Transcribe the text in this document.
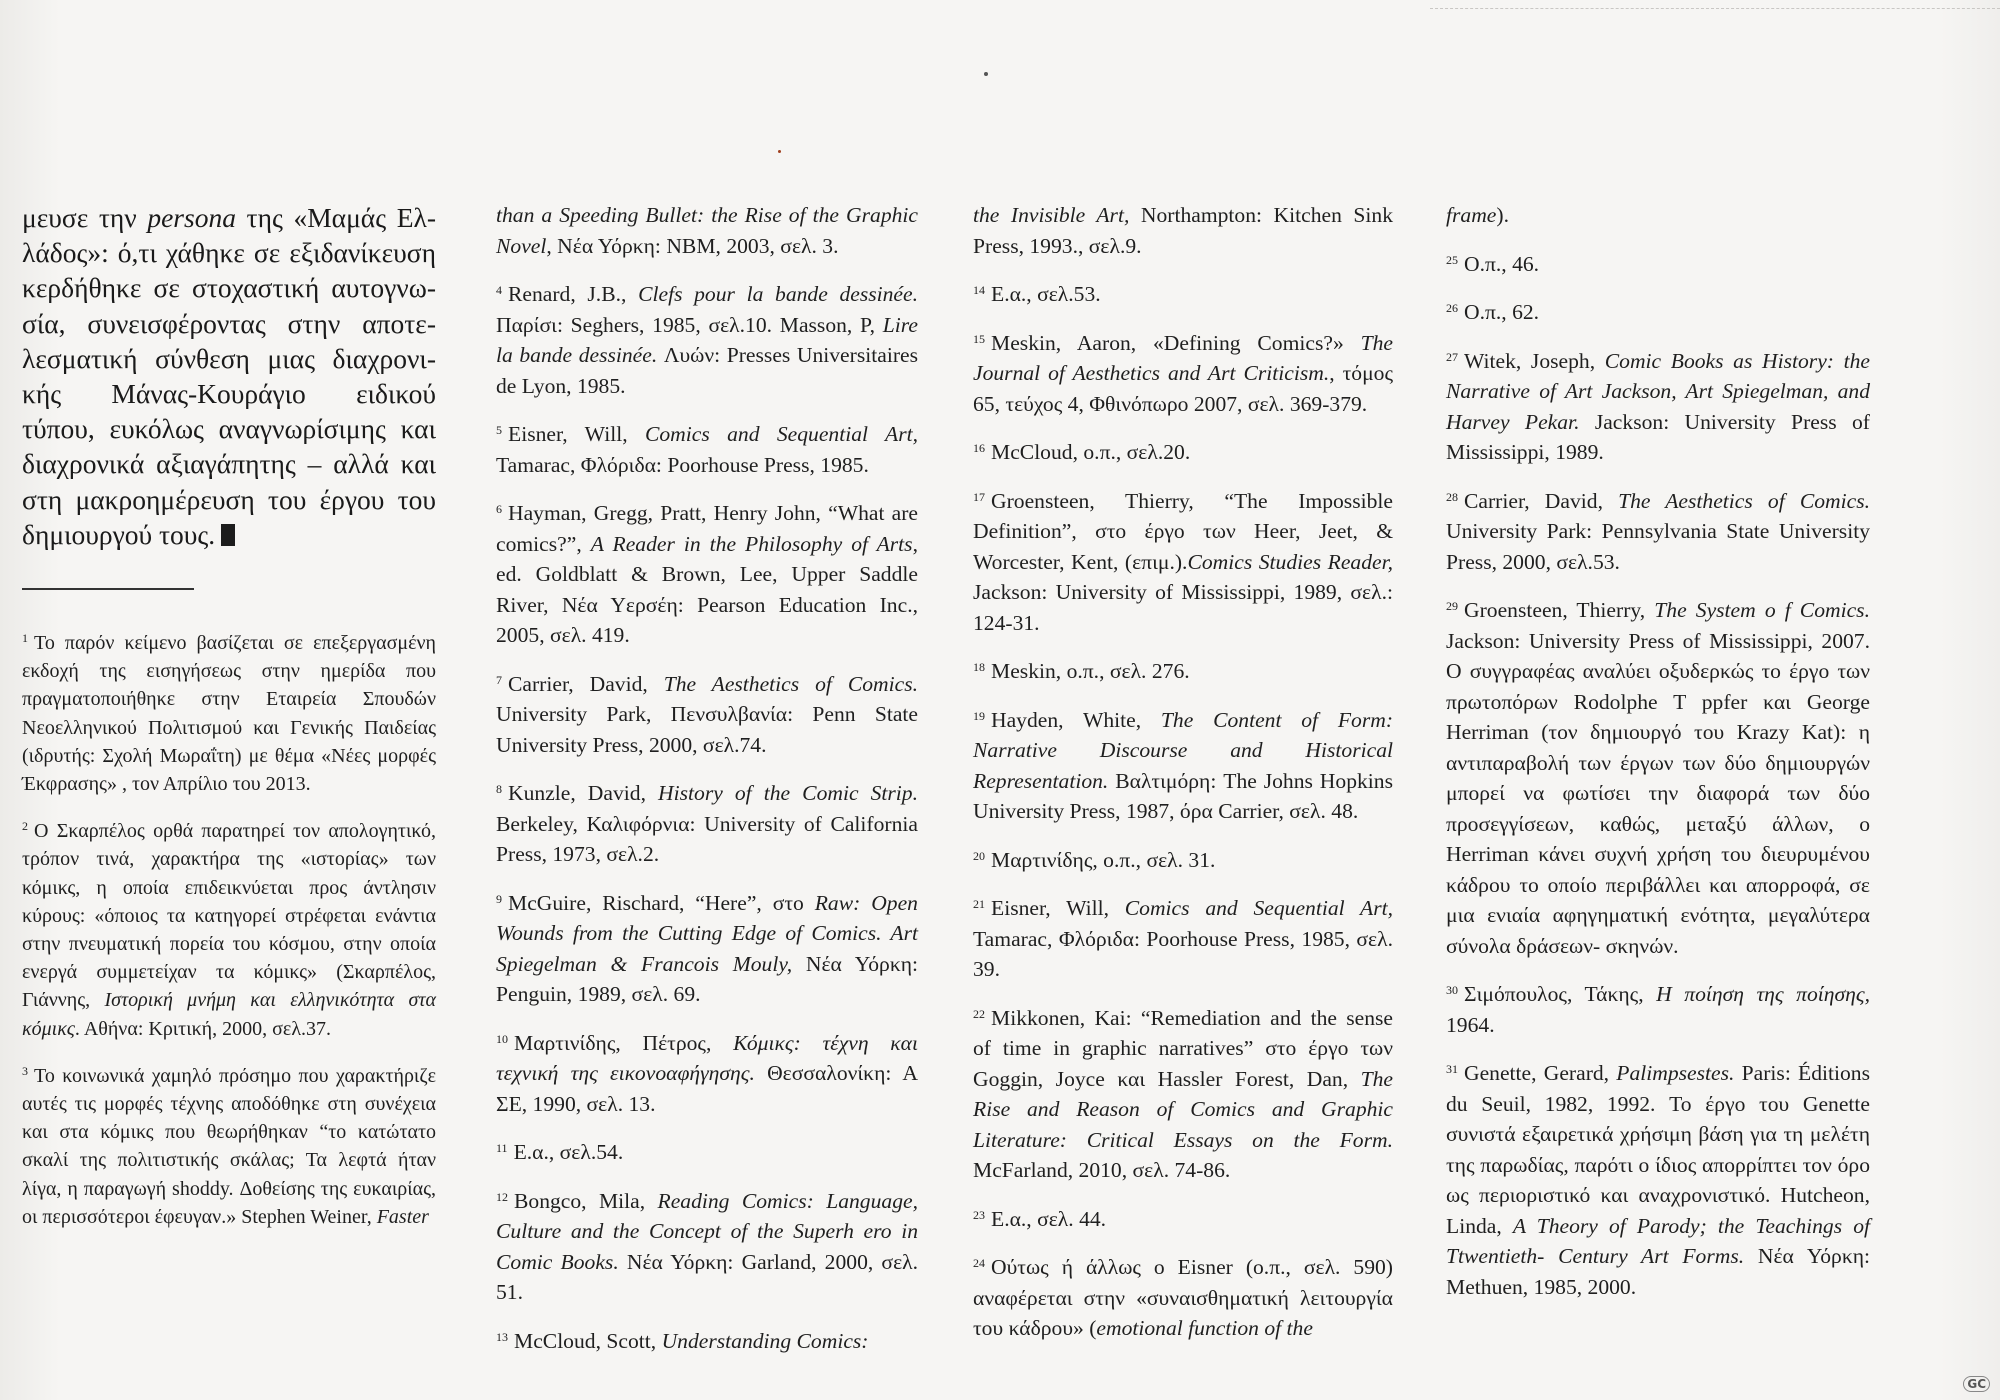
μευσε την persona της «Μαμάς Ελ-
λάδος»: ό,τι χάθηκε σε εξιδανίκευση
κερδήθηκε σε στοχαστική αυτογνω-
σία, συνεισφέροντας στην αποτε-
λεσματική σύνθεση μιας διαχρονι-
κής Μάνας-Κουράγιο ειδικού
τύπου, ευκόλως αναγνωρίσιμης και
διαχρονικά αξιαγάπητης – αλλά και
στη μακροημέρευση του έργου του
δημιουργού τους.

$^1$ Το παρόν κείμενο βασίζεται σε επεξεργασμένη εκδοχή της εισηγήσεως στην ημερίδα που πραγματοποιήθηκε στην Εταιρεία Σπουδών Νεοελληνικού Πολιτισμού και Γενικής Παιδείας (ιδρυτής: Σχολή Μωραΐτη) με θέμα «Νέες μορφές Έκφρασης» , τον Απρίλιο του 2013.

$^2$ Ο Σκαρπέλος ορθά παρατηρεί τον απολογητικό, τρόπον τινά, χαρακτήρα της «ιστορίας» των κόμικς, η οποία επιδεικνύεται προς άντλησιν κύρους: «όποιος τα κατηγορεί στρέφεται ενάντια στην πνευματική πορεία του κόσμου, στην οποία ενεργά συμμετείχαν τα κόμικς» (Σκαρπέλος, Γιάννης, Ιστορική μνήμη και ελληνικότητα στα κόμικς. Αθήνα: Κριτική, 2000, σελ.37.

$^3$ Το κοινωνικά χαμηλό πρόσημο που χαρακτήριζε αυτές τις μορφές τέχνης αποδόθηκε στη συνέχεια και στα κόμικς που θεωρήθηκαν “το κατώτατο σκαλί της πολιτιστικής σκάλας; Τα λεφτά ήταν λίγα, η παραγωγή shoddy. Δοθείσης της ευκαιρίας, οι περισσότεροι έφευγαν.» Stephen Weiner, Faster

than a Speeding Bullet: the Rise of the Graphic Novel, Νέα Υόρκη: NBM, 2003, σελ. 3.

$^4$ Renard, J.B., Clefs pour la bande dessinée. Παρίσι: Seghers, 1985, σελ.10. Masson, P, Lire la bande dessinée. Λυών: Presses Universitaires de Lyon, 1985.

$^5$ Eisner, Will, Comics and Sequential Art, Tamarac, Φλόριδα: Poorhouse Press, 1985.

$^6$ Hayman, Gregg, Pratt, Henry John, “What are comics?”, A Reader in the Philosophy of Arts, ed. Goldblatt & Brown, Lee, Upper Saddle River, Νέα Υερσέη: Pearson Education Inc., 2005, σελ. 419.

$^7$ Carrier, David, The Aesthetics of Comics. University Park, Πενσυλβανία: Penn State University Press, 2000, σελ.74.

$^8$ Kunzle, David, History of the Comic Strip. Berkeley, Καλιφόρνια: University of California Press, 1973, σελ.2.

$^9$ McGuire, Rischard, “Here”, στο Raw: Open Wounds from the Cutting Edge of Comics. Art Spiegelman & Francois Mouly, Νέα Υόρκη: Penguin, 1989, σελ. 69.

$^{10}$ Μαρτινίδης, Πέτρος, Κόμικς: τέχνη και τεχνική της εικονοαφήγησης. Θεσσαλονίκη: Α ΣΕ, 1990, σελ. 13.

$^{11}$ Ε.α., σελ.54.

$^{12}$ Bongco, Mila, Reading Comics: Language, Culture and the Concept of the Superh ero in Comic Books. Νέα Υόρκη: Garland, 2000, σελ. 51.

$^{13}$ McCloud, Scott, Understanding Comics:

the Invisible Art, Northampton: Kitchen Sink Press, 1993., σελ.9.

$^{14}$ Ε.α., σελ.53.

$^{15}$ Meskin, Aaron, «Defining Comics?» The Journal of Aesthetics and Art Criticism., τόμος 65, τεύχος 4, Φθινόπωρο 2007, σελ. 369-379.

$^{16}$ McCloud, ο.π., σελ.20.

$^{17}$ Groensteen, Thierry, “The Impossible Definition”, στο έργο των Heer, Jeet, & Worcester, Kent, (επιμ.).Comics Studies Reader, Jackson: University of Mississippi, 1989, σελ.: 124-31.

$^{18}$ Meskin, ο.π., σελ. 276.

$^{19}$ Hayden, White, The Content of Form: Narrative Discourse and Historical Representation. Βαλτιμόρη: The Johns Hopkins University Press, 1987, όρα Carrier, σελ. 48.

$^{20}$ Μαρτινίδης, ο.π., σελ. 31.

$^{21}$ Eisner, Will, Comics and Sequential Art, Tamarac, Φλόριδα: Poorhouse Press, 1985, σελ. 39.

$^{22}$ Mikkonen, Kai: “Remediation and the sense of time in graphic narratives” στο έργο των Goggin, Joyce και Hassler Forest, Dan, The Rise and Reason of Comics and Graphic Literature: Critical Essays on the Form. McFarland, 2010, σελ. 74-86.

$^{23}$ Ε.α., σελ. 44.

$^{24}$ Ούτως ή άλλως ο Eisner (ο.π., σελ. 590) αναφέρεται στην «συναισθηματική λειτουργία του κάδρου» (emotional function of the

frame).

$^{25}$ Ο.π., 46.

$^{26}$ Ο.π., 62.

$^{27}$ Witek, Joseph, Comic Books as History: the Narrative of Art Jackson, Art Spiegelman, and Harvey Pekar. Jackson: University Press of Mississippi, 1989.

$^{28}$ Carrier, David, The Aesthetics of Comics. University Park: Pennsylvania State University Press, 2000, σελ.53.

$^{29}$ Groensteen, Thierry, The System o f Comics. Jackson: University Press of Mississippi, 2007. Ο συγγραφέας αναλύει οξυδερκώς το έργο των πρωτοπόρων Rodolphe T ppfer και George Herriman (τον δημιουργό του Krazy Kat): η αντιπαραβολή των έργων των δύο δημιουργών μπορεί να φωτίσει την διαφορά των δύο προσεγγίσεων, καθώς, μεταξύ άλλων, ο Herriman κάνει συχνή χρήση του διευρυμένου κάδρου το οποίο περιβάλλει και απορροφά, σε μια ενιαία αφηγηματική ενότητα, μεγαλύτερα σύνολα δράσεων- σκηνών.

$^{30}$ Σιμόπουλος, Τάκης, Η ποίηση της ποίησης, 1964.

$^{31}$ Genette, Gerard, Palimpsestes. Paris: Éditions du Seuil, 1982, 1992. Το έργο του Genette συνιστά εξαιρετικά χρήσιμη βάση για τη μελέτη της παρωδίας, παρότι ο ίδιος απορρίπτει τον όρο ως περιοριστικό και αναχρονιστικό. Hutcheon, Linda, A Theory of Parody; the Teachings of Ttwentieth- Century Art Forms. Νέα Υόρκη: Methuen, 1985, 2000.

GC
